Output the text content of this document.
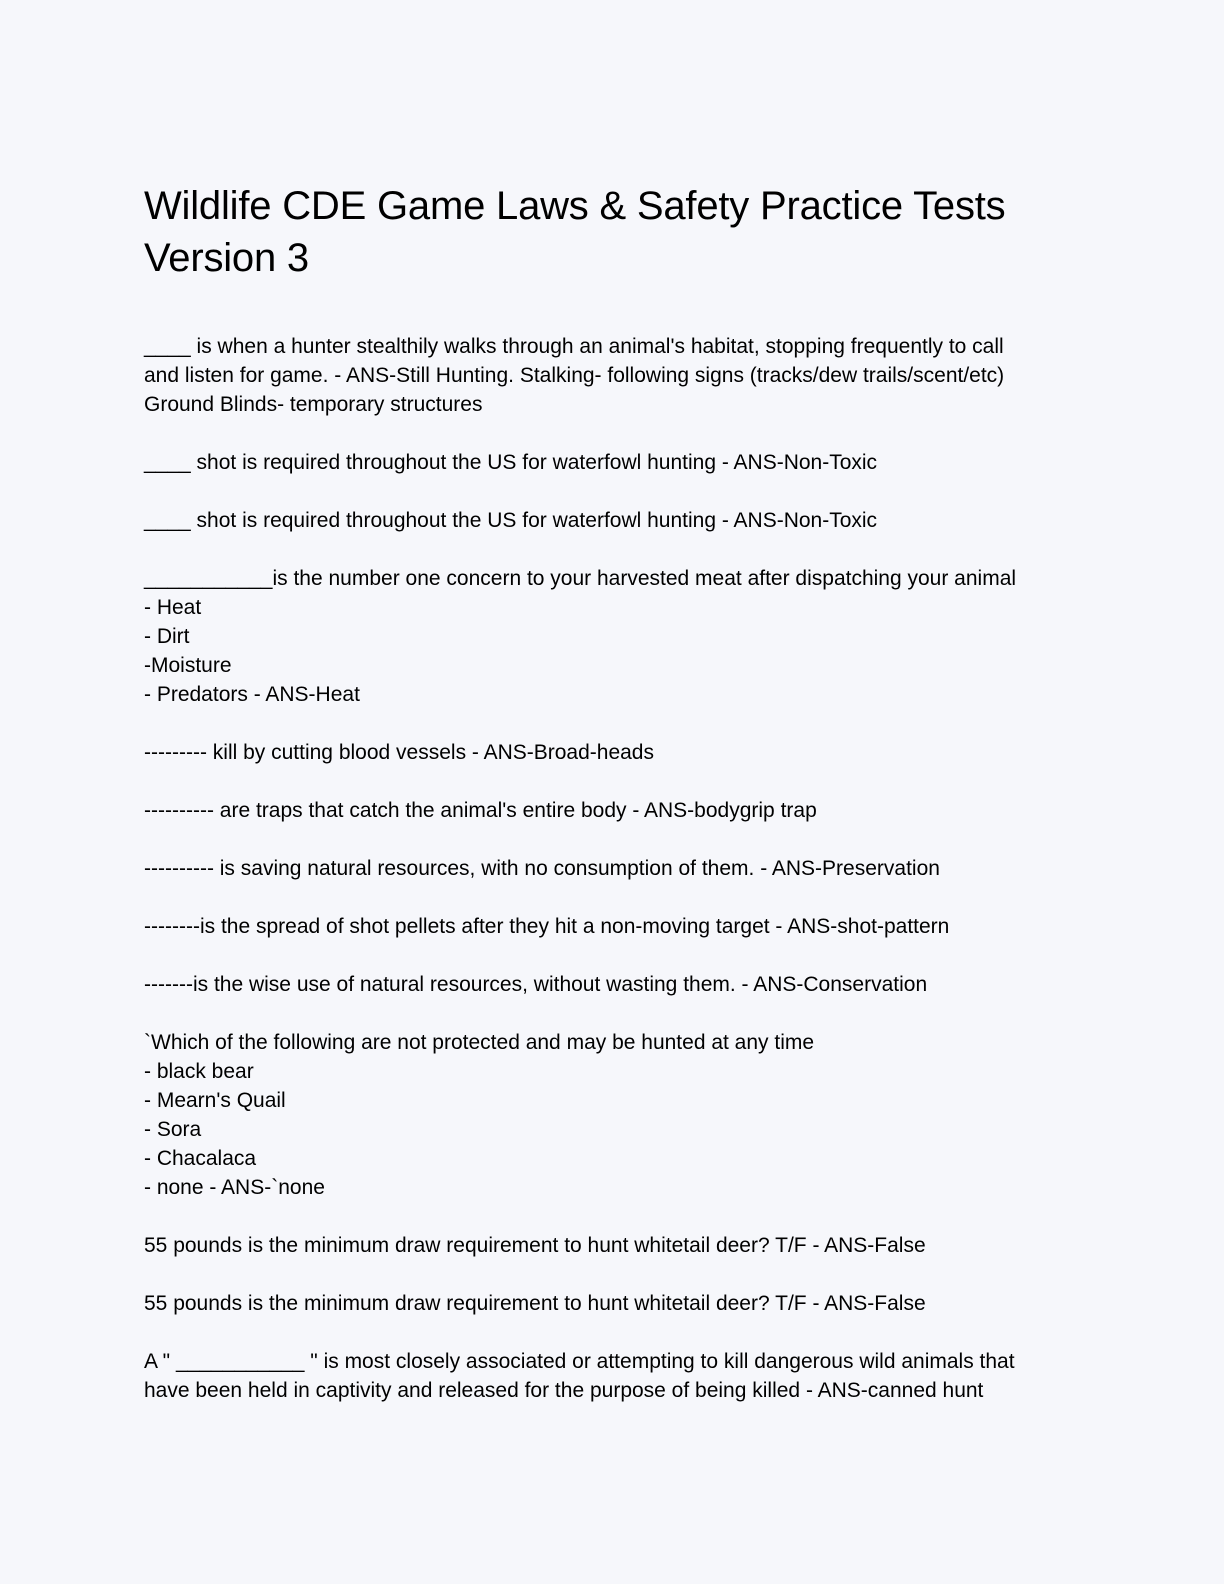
Wildlife CDE Game Laws & Safety Practice Tests
Version 3

____ is when a hunter stealthily walks through an animal's habitat, stopping frequently to call
and listen for game. - ANS-Still Hunting. Stalking- following signs (tracks/dew trails/scent/etc)
Ground Blinds- temporary structures

____ shot is required throughout the US for waterfowl hunting - ANS-Non-Toxic

____ shot is required throughout the US for waterfowl hunting - ANS-Non-Toxic

___________is the number one concern to your harvested meat after dispatching your animal
- Heat
- Dirt
-Moisture
- Predators - ANS-Heat

--------- kill by cutting blood vessels - ANS-Broad-heads

---------- are traps that catch the animal's entire body - ANS-bodygrip trap

---------- is saving natural resources, with no consumption of them. - ANS-Preservation

--------is the spread of shot pellets after they hit a non-moving target - ANS-shot-pattern

-------is the wise use of natural resources, without wasting them. - ANS-Conservation

`Which of the following are not protected and may be hunted at any time
- black bear
- Mearn's Quail
- Sora
- Chacalaca
- none - ANS-`none

55 pounds is the minimum draw requirement to hunt whitetail deer? T/F - ANS-False

55 pounds is the minimum draw requirement to hunt whitetail deer? T/F - ANS-False

A " ___________ " is most closely associated or attempting to kill dangerous wild animals that
have been held in captivity and released for the purpose of being killed - ANS-canned hunt
